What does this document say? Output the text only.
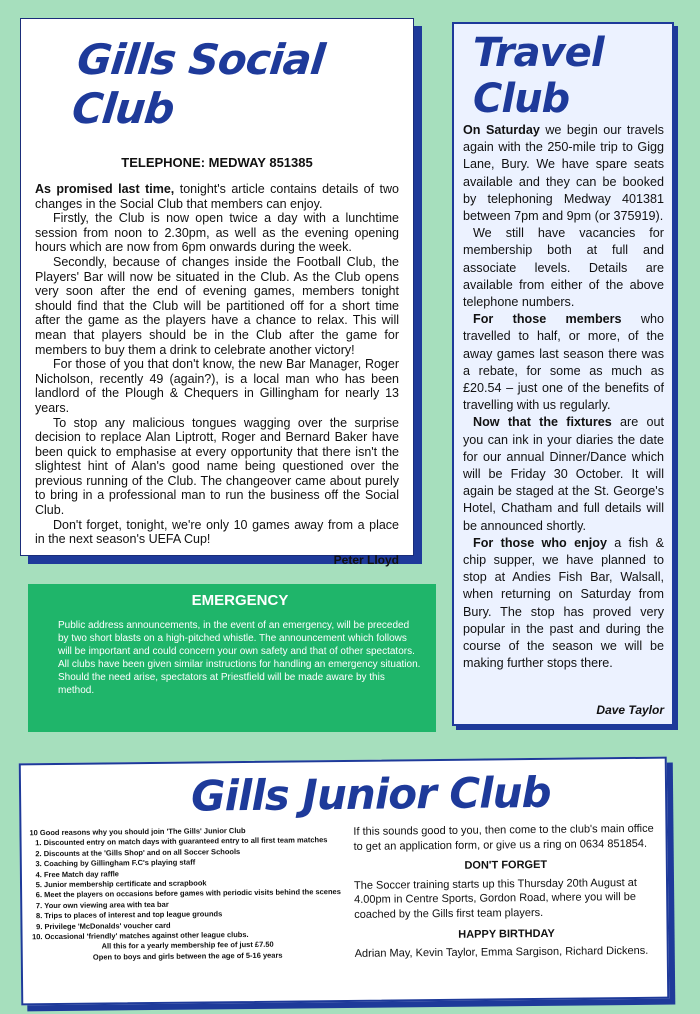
Gills Social Club
TELEPHONE: MEDWAY 851385

As promised last time, tonight's article contains details of two changes in the Social Club that members can enjoy.

Firstly, the Club is now open twice a day with a lunchtime session from noon to 2.30pm, as well as the evening opening hours which are now from 6pm onwards during the week.

Secondly, because of changes inside the Football Club, the Players' Bar will now be situated in the Club. As the Club opens very soon after the end of evening games, members tonight should find that the Club will be partitioned off for a short time after the game as the players have a chance to relax. This will mean that players should be in the Club after the game for members to buy them a drink to celebrate another victory!

For those of you that don't know, the new Bar Manager, Roger Nicholson, recently 49 (again?), is a local man who has been landlord of the Plough & Chequers in Gillingham for nearly 13 years.

To stop any malicious tongues wagging over the surprise decision to replace Alan Liptrott, Roger and Bernard Baker have been quick to emphasise at every opportunity that there isn't the slightest hint of Alan's good name being questioned over the previous running of the Club. The changeover came about purely to bring in a professional man to run the business off the Social Club.

Don't forget, tonight, we're only 10 games away from a place in the next season's UEFA Cup!

Peter Lloyd
Travel Club

On Saturday we begin our travels again with the 250-mile trip to Gigg Lane, Bury. We have spare seats available and they can be booked by telephoning Medway 401381 between 7pm and 9pm (or 375919).

We still have vacancies for membership both at full and associate levels. Details are available from either of the above telephone numbers.

For those members who travelled to half, or more, of the away games last season there was a rebate, for some as much as £20.54 – just one of the benefits of travelling with us regularly.

Now that the fixtures are out you can ink in your diaries the date for our annual Dinner/Dance which will be Friday 30 October. It will again be staged at the St. George's Hotel, Chatham and full details will be announced shortly.

For those who enjoy a fish & chip supper, we have planned to stop at Andies Fish Bar, Walsall, when returning on Saturday from Bury. The stop has proved very popular in the past and during the course of the season we will be making further stops there.

Dave Taylor
EMERGENCY

Public address announcements, in the event of an emergency, will be preceded by two short blasts on a high-pitched whistle. The announcement which follows will be important and could concern your own safety and that of other spectators. All clubs have been given similar instructions for handling an emergency situation. Should the need arise, spectators at Priestfield will be made aware by this method.

Gills Junior Club
10 Good reasons why you should join 'The Gills' Junior Club
1. Discounted entry on match days with guaranteed entry to all first team matches
2. Discounts at the 'Gills Shop' and on all Soccer Schools
3. Coaching by Gillingham F.C's playing staff
4. Free Match day raffle
5. Junior membership certificate and scrapbook
6. Meet the players on occasions before games with periodic visits behind the scenes
7. Your own viewing area with tea bar
8. Trips to places of interest and top league grounds
9. Privilege 'McDonalds' voucher card
10. Occasional 'friendly' matches against other league clubs.
All this for a yearly membership fee of just £7.50
Open to boys and girls between the age of 5-16 years

If this sounds good to you, then come to the club's main office to get an application form, or give us a ring on 0634 851854.

DON'T FORGET

The Soccer training starts up this Thursday 20th August at 4.00pm in Centre Sports, Gordon Road, where you will be coached by the Gills first team players.

HAPPY BIRTHDAY

Adrian May, Kevin Taylor, Emma Sargison, Richard Dickens.
